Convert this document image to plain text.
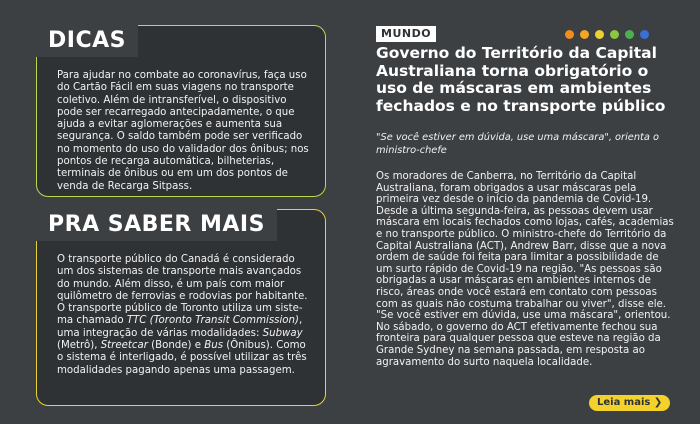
DICAS
Para ajudar no combate ao coronavírus, faça uso do Cartão Fácil em suas viagens no transporte coletivo. Além de intransferível, o dispositivo pode ser recarregado antecipadamente, o que ajuda a evitar aglomerações e aumenta sua segurança. O saldo também pode ser verificado no momento do uso do validador dos ônibus; nos pontos de recarga automática, bilheterias, terminais de ônibus ou em um dos pontos de venda de Recarga Sitpass.
PRA SABER MAIS
O transporte público do Canadá é considerado um dos sistemas de transporte mais avançados do mundo. Além disso, é um país com maior quilômetro de ferrovias e rodovias por habitante. O transporte público de Toronto utiliza um siste-ma chamado TTC (Toronto Transit Commission), uma integração de várias modalidades: Subway (Metrô), Streetcar (Bonde) e Bus (Ônibus). Como o sistema é interligado, é possível utilizar as três modalidades pagando apenas uma passagem.
MUNDO
Governo do Território da Capital Australiana torna obrigatório o uso de máscaras em ambientes fechados e no transporte público
"Se você estiver em dúvida, use uma máscara", orienta o ministro-chefe
Os moradores de Canberra, no Território da Capital Australiana, foram obrigados a usar máscaras pela primeira vez desde o início da pandemia de Covid-19. Desde a última segunda-feira, as pessoas devem usar máscara em locais fechados como lojas, cafés, academias e no transporte público. O ministro-chefe do Território da Capital Australiana (ACT), Andrew Barr, disse que a nova ordem de saúde foi feita para limitar a possibilidade de um surto rápido de Covid-19 na região. "As pessoas são obrigadas a usar máscaras em ambientes internos de risco, áreas onde você estará em contato com pessoas com as quais não costuma trabalhar ou viver", disse ele. "Se você estiver em dúvida, use uma máscara", orientou. No sábado, o governo do ACT efetivamente fechou sua fronteira para qualquer pessoa que esteve na região da Grande Sydney na semana passada, em resposta ao agravamento do surto naquela localidade.
Leia mais ❯
